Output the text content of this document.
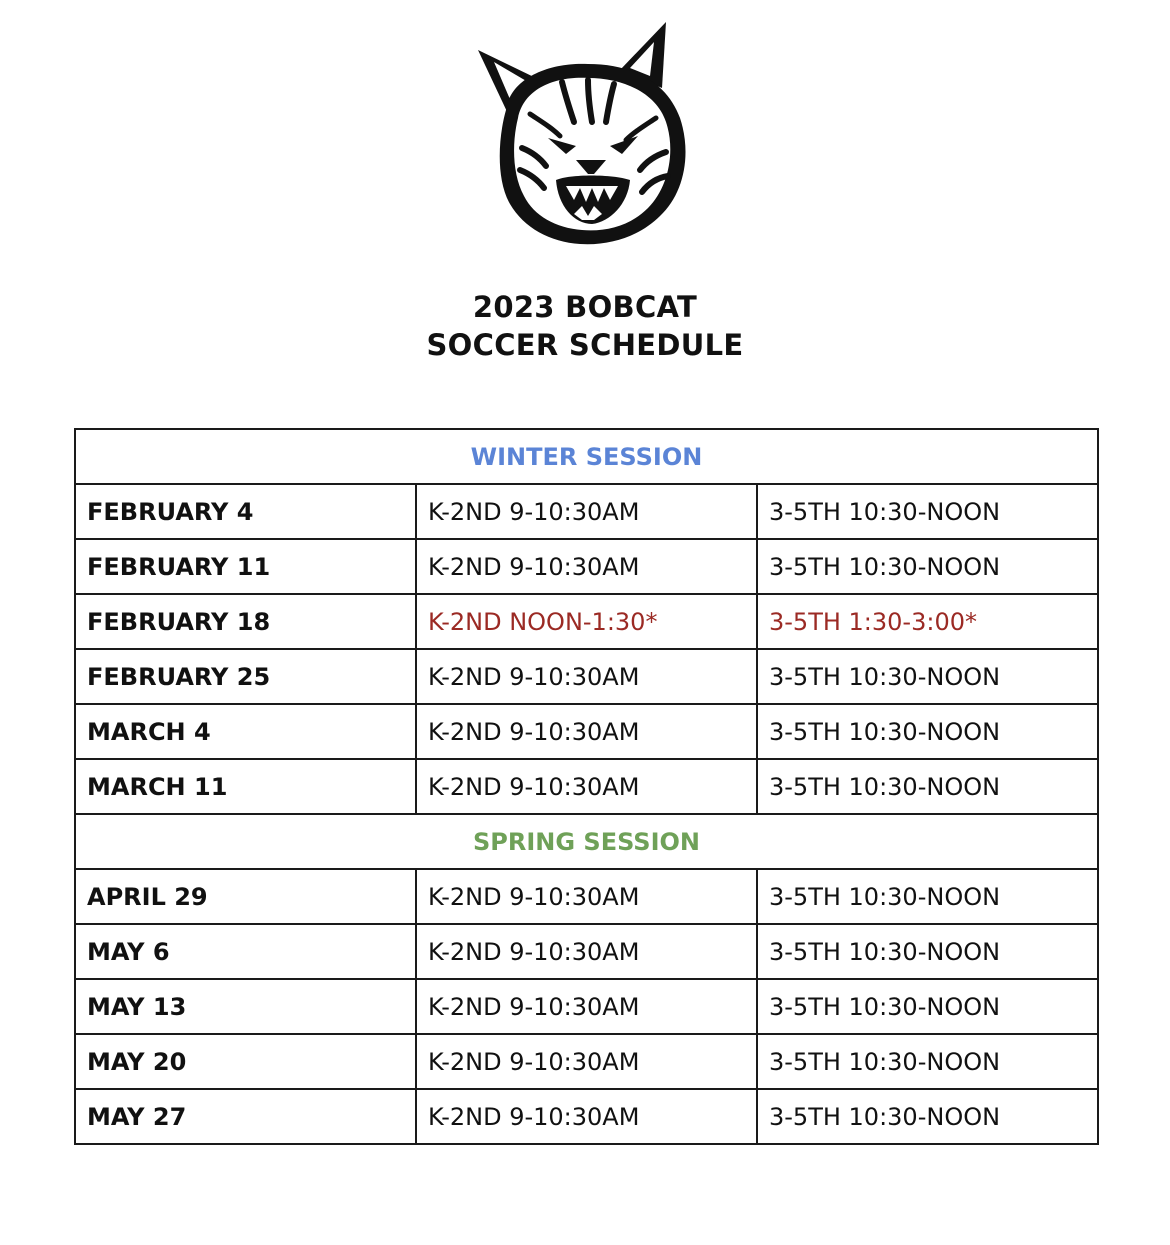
2023 BOBCAT
SOCCER SCHEDULE
WINTER SESSION		
FEBRUARY 4	K-2ND 9-10:30AM	3-5TH 10:30-NOON
FEBRUARY 11	K-2ND 9-10:30AM	3-5TH 10:30-NOON
FEBRUARY 18	K-2ND NOON-1:30*	3-5TH 1:30-3:00*
FEBRUARY 25	K-2ND 9-10:30AM	3-5TH 10:30-NOON
MARCH 4	K-2ND 9-10:30AM	3-5TH 10:30-NOON
MARCH 11	K-2ND 9-10:30AM	3-5TH 10:30-NOON
SPRING SESSION		
APRIL 29	K-2ND 9-10:30AM	3-5TH 10:30-NOON
MAY 6	K-2ND 9-10:30AM	3-5TH 10:30-NOON
MAY 13	K-2ND 9-10:30AM	3-5TH 10:30-NOON
MAY 20	K-2ND 9-10:30AM	3-5TH 10:30-NOON
MAY 27	K-2ND 9-10:30AM	3-5TH 10:30-NOON
